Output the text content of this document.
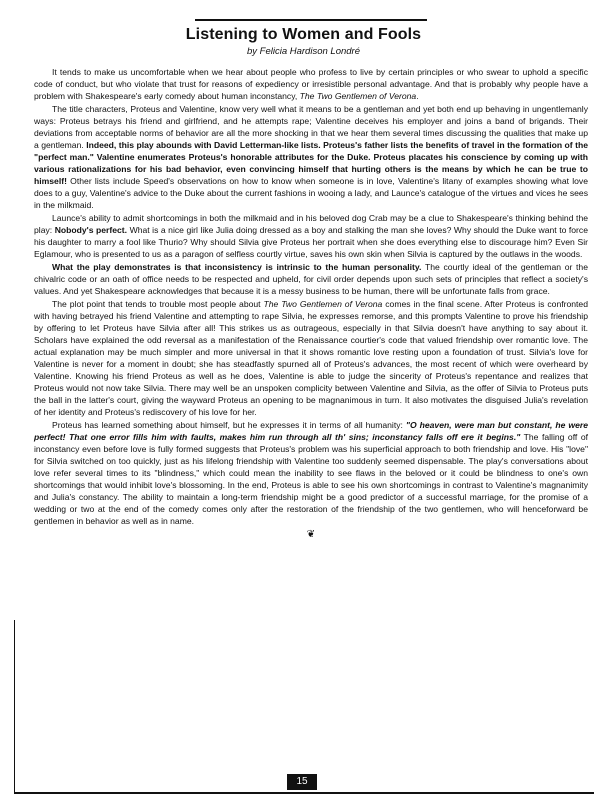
Listening to Women and Fools
by Felicia Hardison Londré

It tends to make us uncomfortable when we hear about people who profess to live by certain principles or who swear to uphold a specific code of conduct, but who violate that trust for reasons of expediency or irresistible personal advantage. And that is probably why people have a problem with Shakespeare's early comedy about human inconstancy, The Two Gentlemen of Verona.

The title characters, Proteus and Valentine, know very well what it means to be a gentleman and yet both end up behaving in ungentlemanly ways: Proteus betrays his friend and girlfriend, and he attempts rape; Valentine deceives his employer and joins a band of brigands. Their deviations from acceptable norms of behavior are all the more shocking in that we hear them several times discussing the qualities that make up a gentleman. Indeed, this play abounds with David Letterman-like lists. Proteus's father lists the benefits of travel in the formation of the "perfect man." Valentine enumerates Proteus's honorable attributes for the Duke. Proteus placates his conscience by coming up with various rationalizations for his bad behavior, even convincing himself that hurting others is the means by which he can be true to himself! Other lists include Speed's observations on how to know when someone is in love, Valentine's litany of examples showing what love does to a guy, Valentine's advice to the Duke about the current fashions in wooing a lady, and Launce's catalogue of the virtues and vices he sees in the milkmaid.

Launce's ability to admit shortcomings in both the milkmaid and in his beloved dog Crab may be a clue to Shakespeare's thinking behind the play: Nobody's perfect. What is a nice girl like Julia doing dressed as a boy and stalking the man she loves? Why should the Duke want to force his daughter to marry a fool like Thurio? Why should Silvia give Proteus her portrait when she does everything else to discourage him? Even Sir Eglamour, who is presented to us as a paragon of selfless courtly virtue, saves his own skin when Silvia is captured by the outlaws in the woods.

What the play demonstrates is that inconsistency is intrinsic to the human personality. The courtly ideal of the gentleman or the chivalric code or an oath of office needs to be respected and upheld, for civil order depends upon such sets of principles that reflect a society's values. And yet Shakespeare acknowledges that because it is a messy business to be human, there will be unfortunate falls from grace.

The plot point that tends to trouble most people about The Two Gentlemen of Verona comes in the final scene. After Proteus is confronted with having betrayed his friend Valentine and attempting to rape Silvia, he expresses remorse, and this prompts Valentine to prove his friendship by offering to let Proteus have Silvia after all! This strikes us as outrageous, especially in that Silvia doesn't have anything to say about it. Scholars have explained the odd reversal as a manifestation of the Renaissance courtier's code that valued friendship over romantic love. The actual explanation may be much simpler and more universal in that it shows romantic love resting upon a foundation of trust. Silvia's love for Valentine is never for a moment in doubt; she has steadfastly spurned all of Proteus's advances, the most recent of which were overheard by Valentine. Knowing his friend Proteus as well as he does, Valentine is able to judge the sincerity of Proteus's repentance and realizes that Proteus would not now take Silvia. There may well be an unspoken complicity between Valentine and Silvia, as the offer of Silvia to Proteus puts the ball in the latter's court, giving the wayward Proteus an opening to be magnanimous in turn. It also motivates the disguised Julia's revelation of her identity and Proteus's rediscovery of his love for her.

Proteus has learned something about himself, but he expresses it in terms of all humanity: "O heaven, were man but constant, he were perfect! That one error fills him with faults, makes him run through all th' sins; inconstancy falls off ere it begins." The falling off of inconstancy even before love is fully formed suggests that Proteus's problem was his superficial approach to both friendship and love. His "love" for Silvia switched on too quickly, just as his lifelong friendship with Valentine too suddenly seemed dispensable. The play's conversations about love refer several times to its "blindness," which could mean the inability to see flaws in the beloved or it could be blindness to one's own shortcomings that would inhibit love's blossoming. In the end, Proteus is able to see his own shortcomings in contrast to Valentine's magnanimity and Julia's constancy. The ability to maintain a long-term friendship might be a good predictor of a successful marriage, for the promise of a wedding or two at the end of the comedy comes only after the restoration of the friendship of the two gentlemen, who will henceforward be gentlemen in behavior as well as in name.

❦
15
